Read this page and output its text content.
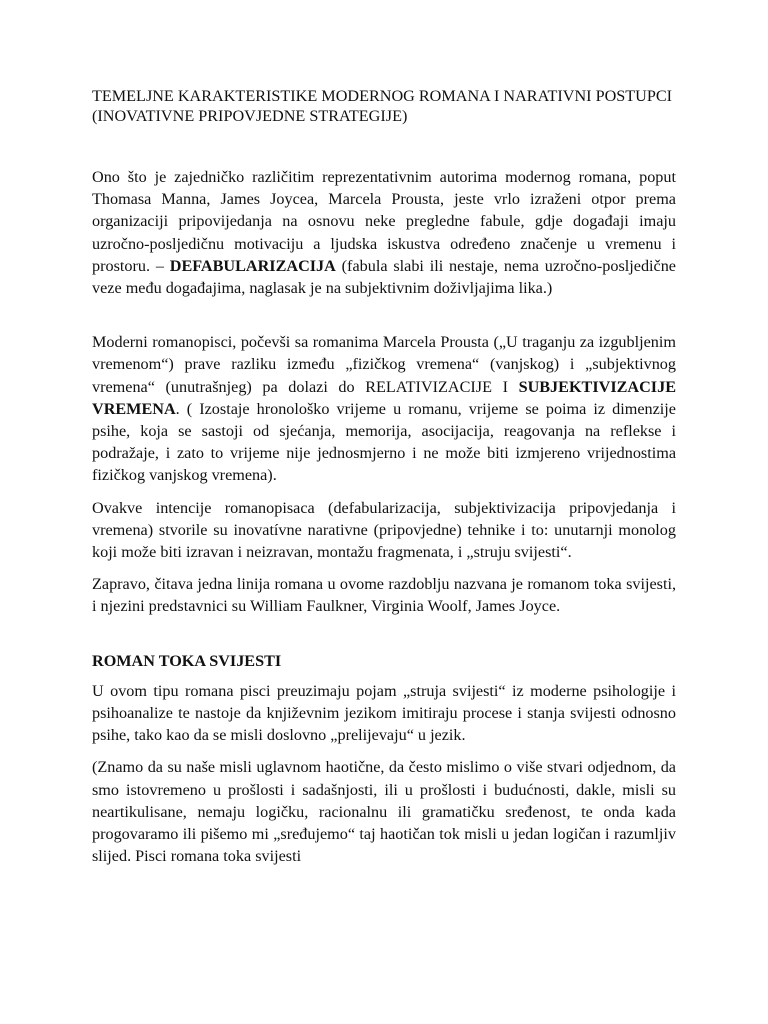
TEMELJNE KARAKTERISTIKE MODERNOG ROMANA I NARATIVNI POSTUPCI (INOVATIVNE PRIPOVJEDNE STRATEGIJE)

Ono što je zajedničko različitim reprezentativnim autorima modernog romana, poput Thomasa Manna, James Joycea, Marcela Prousta, jeste vrlo izraženi otpor prema organizaciji pripovijedanja na osnovu neke pregledne fabule, gdje događaji imaju uzročno-posljedičnu motivaciju a ljudska iskustva određeno značenje u vremenu i prostoru. – DEFABULARIZACIJA (fabula slabi ili nestaje, nema uzročno-posljedične veze među događajima, naglasak je na subjektivnim doživljajima lika.)

Moderni romanopisci, počevši sa romanima Marcela Prousta („U traganju za izgubljenim vremenom“) prave razliku između „fizičkog vremena“ (vanjskog) i „subjektivnog vremena“ (unutrašnjeg) pa dolazi do RELATIVIZACIJE I SUBJEKTIVIZACIJE VREMENA. ( Izostaje hronološko vrijeme u romanu, vrijeme se poima iz dimenzije psihe, koja se sastoji od sjećanja, memorija, asocijacija, reagovanja na reflekse i podražaje, i zato to vrijeme nije jednosmjerno i ne može biti izmjereno vrijednostima fizičkog vanjskog vremena).

Ovakve intencije romanopisaca (defabularizacija, subjektivizacija pripovjedanja i vremena) stvorile su inovatívne narativne (pripovjedne) tehnike i to: unutarnji monolog koji može biti izravan i neizravan, montažu fragmenata, i „struju svijesti“.

Zapravo, čitava jedna linija romana u ovome razdoblju nazvana je romanom toka svijesti, i njezini predstavnici su William Faulkner, Virginia Woolf, James Joyce.

ROMAN TOKA SVIJESTI

U ovom tipu romana pisci preuzimaju pojam „struja svijesti“ iz moderne psihologije i psihoanalize te nastoje da književnim jezikom imitiraju procese i stanja svijesti odnosno psihe, tako kao da se misli doslovno „prelijevaju“ u jezik.

(Znamo da su naše misli uglavnom haotične, da često mislimo o više stvari odjednom, da smo istovremeno u prošlosti i sadašnjosti, ili u prošlosti i budućnosti, dakle, misli su neartikulisane, nemaju logičku, racionalnu ili gramatičku sređenost, te onda kada progovaramo ili pišemo mi „sređujemo“ taj haotičan tok misli u jedan logičan i razumljiv slijed. Pisci romana toka svijesti
